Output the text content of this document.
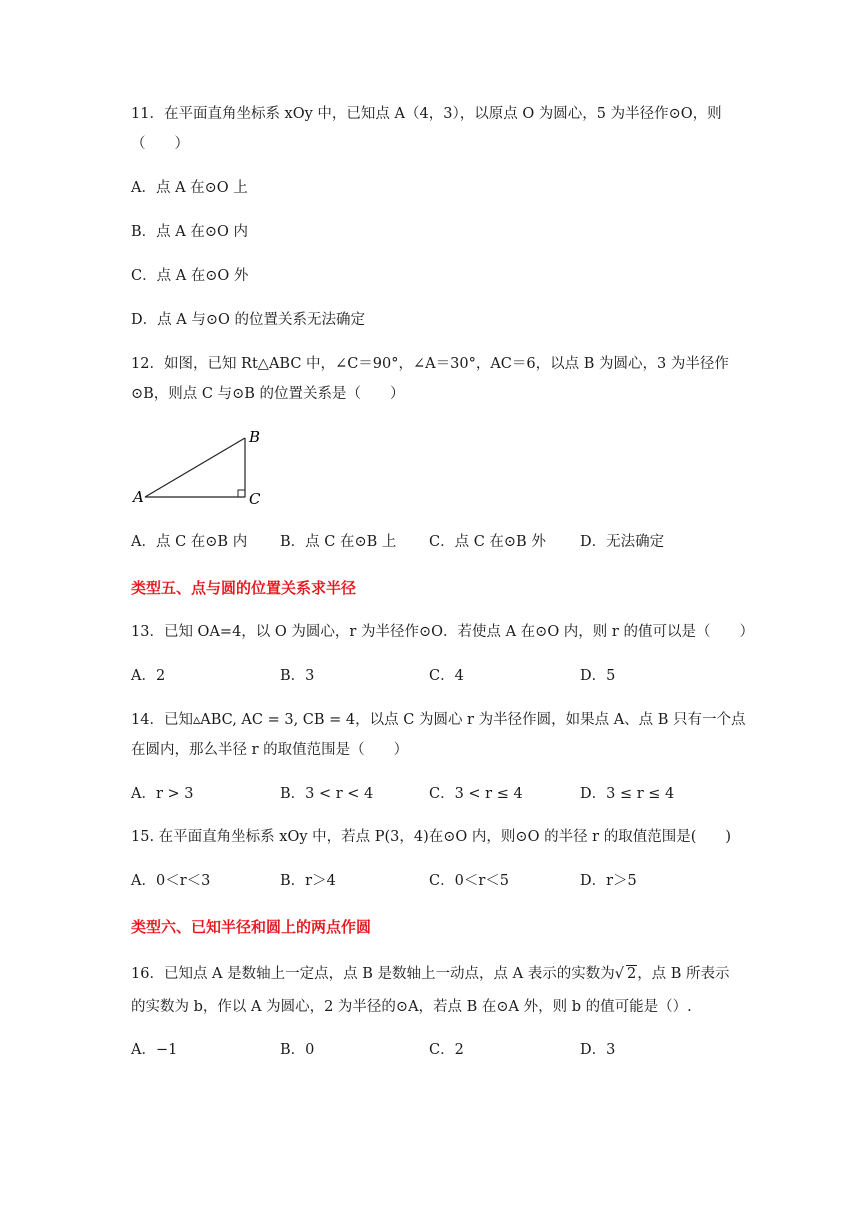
11．在平面直角坐标系 xOy 中，已知点 A（4，3），以原点 O 为圆心，5 为半径作⊙O，则
（　　）
A．点 A 在⊙O 上
B．点 A 在⊙O 内
C．点 A 在⊙O 外
D．点 A 与⊙O 的位置关系无法确定
12．如图，已知 Rt△ABC 中，∠C＝90°，∠A＝30°，AC＝6，以点 B 为圆心，3 为半径作
⊙B，则点 C 与⊙B 的位置关系是（　　）
A
B
C
A．点 C 在⊙B 内 B．点 C 在⊙B 上 C．点 C 在⊙B 外 D．无法确定
类型五、点与圆的位置关系求半径
13．已知 OA=4，以 O 为圆心，r 为半径作⊙O．若使点 A 在⊙O 内，则 r 的值可以是（　　）
A．2	B．3	C．4	D．5
14．已知▵ABC, AC = 3, CB = 4，以点 C 为圆心 r 为半径作圆，如果点 A、点 B 只有一个点
在圆内，那么半径 r 的取值范围是（　　）
A．r > 3	B．3 < r < 4	C．3 < r ≤ 4	D．3 ≤ r ≤ 4
15. 在平面直角坐标系 xOy 中，若点 P(3，4)在⊙O 内，则⊙O 的半径 r 的取值范围是(　　)
A．0＜r＜3	B．r＞4	C．0＜r＜5	D．r＞5
类型六、已知半径和圆上的两点作圆
16．已知点 A 是数轴上一定点，点 B 是数轴上一动点，点 A 表示的实数为√ 2，点 B 所表示
的实数为 b，作以 A 为圆心，2 为半径的⊙A，若点 B 在⊙A 外，则 b 的值可能是（）.
A．−1	B．0	C．2	D．3
